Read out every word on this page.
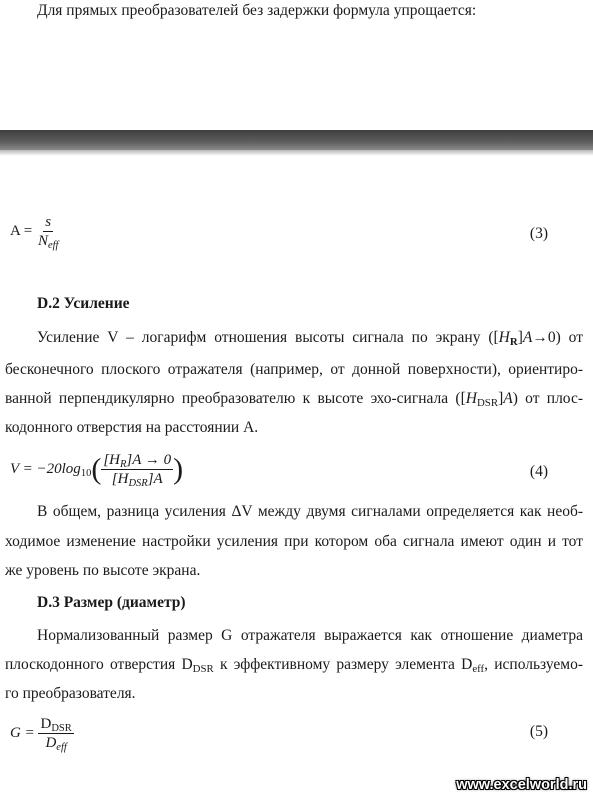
Для прямых преобразователей без задержки формула упрощается:
$A = \frac{s}{N_{eff}}$	(3)
D.2 Усиление
Усиление V – логарифм отношения высоты сигнала по экрану $([H_R]A\to 0)$ от
бесконечного плоского отражателя (например, от донной поверхности), ориентиро-
ванной перпендикулярно преобразователю к высоте эхо-сигнала $([H_{DSR}]A)$ от плос-
кодонного отверстия на расстоянии A.
$V = -20\log_{10}( \frac{[H_R]A \to 0}{[H_{DSR}]A}$ )	(4)
В общем, разница усиления ΔV между двумя сигналами определяется как необ-
ходимое изменение настройки усиления при котором оба сигнала имеют один и тот
же уровень по высоте экрана.
D.3 Размер (диаметр)
Нормализованный размер G отражателя выражается как отношение диаметра
плоскодонного отверстия $D_{DSR}$ к эффективному размеру элемента $D_{eff}$, используемо-
го преобразователя.
$G = \frac{D_{DSR}}{D_{eff}}$	(5)
www.excelworld.ru
